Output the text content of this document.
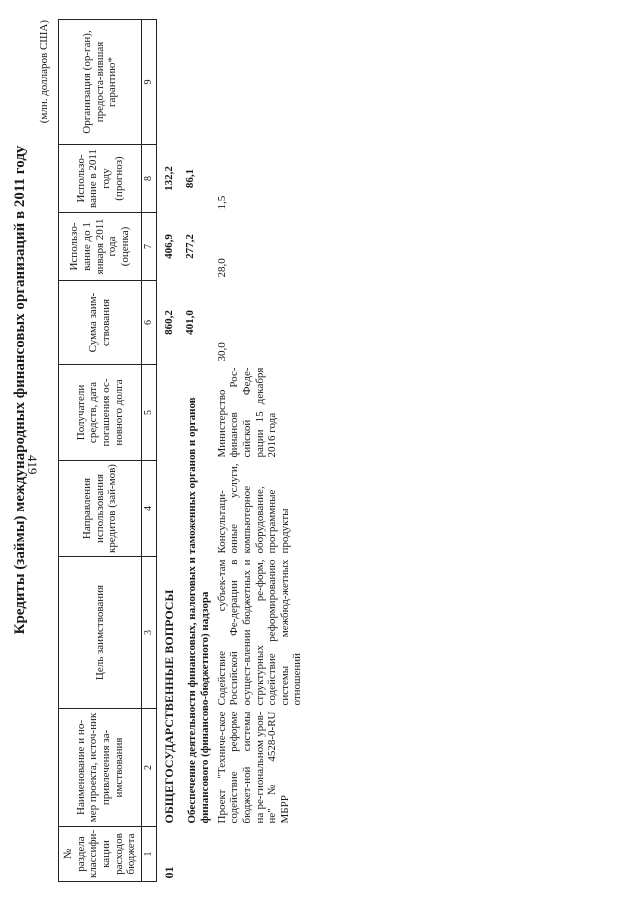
419
Кредиты (займы) международных финансовых организаций в 2011 году
(млн. долларов США)
№ раздела классифи-кации расходов бюджета	Наименование и но-мер проекта, источ-ник привлечения за-имствования	Цель заимствования	Направления использования кредитов (зай-мов)	Получатели средств, дата погашения ос-новного долга	Сумма заим-ствования	Использо-вание до 1 января 2011 года (оценка)	Использо-вание в 2011 году (прогноз)	Организация (ор-ган), предоста-вившая гарантию*
1	2	3	4	5	6	7	8	9
01	ОБЩЕГОСУДАРСТВЕННЫЕ ВОПРОСЫ				860,2	406,9	132,2	
	Обеспечение деятельности финансовых, налоговых и таможенных органов и органов финансового (финансово-бюджетного) надзора				401,0	277,2	86,1	
	Проект "Техниче-ское содействие реформе бюджет-ной системы на ре-гиональном уров-не" № 4528-0-RU МБРР	Содействие субъек-там Российской Фе-дерации в осущест-влении бюджетных и структурных ре-форм, содействие реформированию системы межбюд-жетных отношений	Консультаци-онные услуги, компьютерное оборудование, программные продукты	Министерство финансов Рос-сийской Феде-рации 15 декабря 2016 года	30,0	28,0	1,5	
